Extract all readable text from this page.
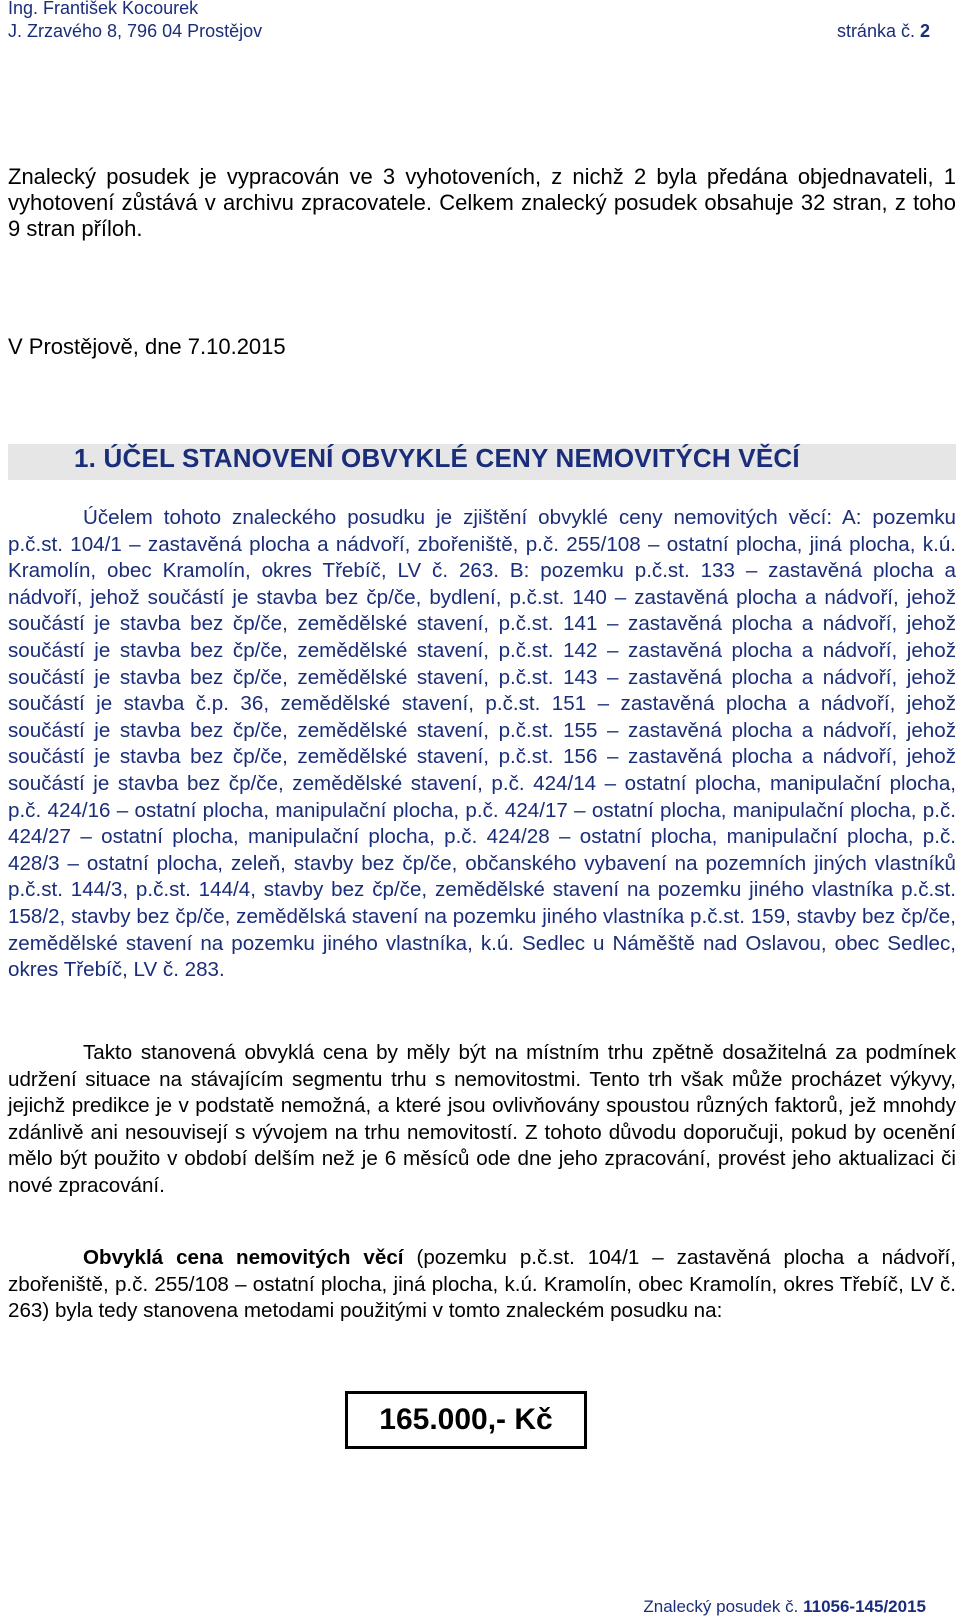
Ing. František Kocourek
J. Zrzavého 8, 796 04 Prostějov	stránka č. 2
Znalecký posudek je vypracován ve 3 vyhotoveních, z nichž 2 byla předána objednavateli, 1 vyhotovení zůstává v archivu zpracovatele. Celkem znalecký posudek obsahuje 32 stran, z toho 9 stran příloh.
V Prostějově, dne 7.10.2015
1. ÚČEL STANOVENÍ OBVYKLÉ CENY NEMOVITÝCH VĚCÍ
Účelem tohoto znaleckého posudku je zjištění obvyklé ceny nemovitých věcí: A: pozemku p.č.st. 104/1 – zastavěná plocha a nádvoří, zbořeniště, p.č. 255/108 – ostatní plocha, jiná plocha, k.ú. Kramolín, obec Kramolín, okres Třebíč, LV č. 263. B: pozemku p.č.st. 133 – zastavěná plocha a nádvoří, jehož součástí je stavba bez čp/če, bydlení, p.č.st. 140 – zastavěná plocha a nádvoří, jehož součástí je stavba bez čp/če, zemědělské stavení, p.č.st. 141 – zastavěná plocha a nádvoří, jehož součástí je stavba bez čp/če, zemědělské stavení, p.č.st. 142 – zastavěná plocha a nádvoří, jehož součástí je stavba bez čp/če, zemědělské stavení, p.č.st. 143 – zastavěná plocha a nádvoří, jehož součástí je stavba č.p. 36, zemědělské stavení, p.č.st. 151 – zastavěná plocha a nádvoří, jehož součástí je stavba bez čp/če, zemědělské stavení, p.č.st. 155 – zastavěná plocha a nádvoří, jehož součástí je stavba bez čp/če, zemědělské stavení, p.č.st. 156 – zastavěná plocha a nádvoří, jehož součástí je stavba bez čp/če, zemědělské stavení, p.č. 424/14 – ostatní plocha, manipulační plocha, p.č. 424/16 – ostatní plocha, manipulační plocha, p.č. 424/17 – ostatní plocha, manipulační plocha, p.č. 424/27 – ostatní plocha, manipulační plocha, p.č. 424/28 – ostatní plocha, manipulační plocha, p.č. 428/3 – ostatní plocha, zeleň, stavby bez čp/če, občanského vybavení na pozemních jiných vlastníků p.č.st. 144/3, p.č.st. 144/4, stavby bez čp/če, zemědělské stavení na pozemku jiného vlastníka p.č.st. 158/2, stavby bez čp/če, zemědělská stavení na pozemku jiného vlastníka p.č.st. 159, stavby bez čp/če, zemědělské stavení na pozemku jiného vlastníka, k.ú. Sedlec u Náměště nad Oslavou, obec Sedlec, okres Třebíč, LV č. 283.
Takto stanovená obvyklá cena by měly být na místním trhu zpětně dosažitelná za podmínek udržení situace na stávajícím segmentu trhu s nemovitostmi. Tento trh však může procházet výkyvy, jejichž predikce je v podstatě nemožná, a které jsou ovlivňovány spoustou různých faktorů, jež mnohdy zdánlivě ani nesouvisejí s vývojem na trhu nemovitostí. Z tohoto důvodu doporučuji, pokud by ocenění mělo být použito v období delším než je 6 měsíců ode dne jeho zpracování, provést jeho aktualizaci či nové zpracování.
Obvyklá cena nemovitých věcí (pozemku p.č.st. 104/1 – zastavěná plocha a nádvoří, zbořeniště, p.č. 255/108 – ostatní plocha, jiná plocha, k.ú. Kramolín, obec Kramolín, okres Třebíč, LV č. 263) byla tedy stanovena metodami použitými v tomto znaleckém posudku na:
165.000,- Kč
Znalecký posudek č. 11056-145/2015
